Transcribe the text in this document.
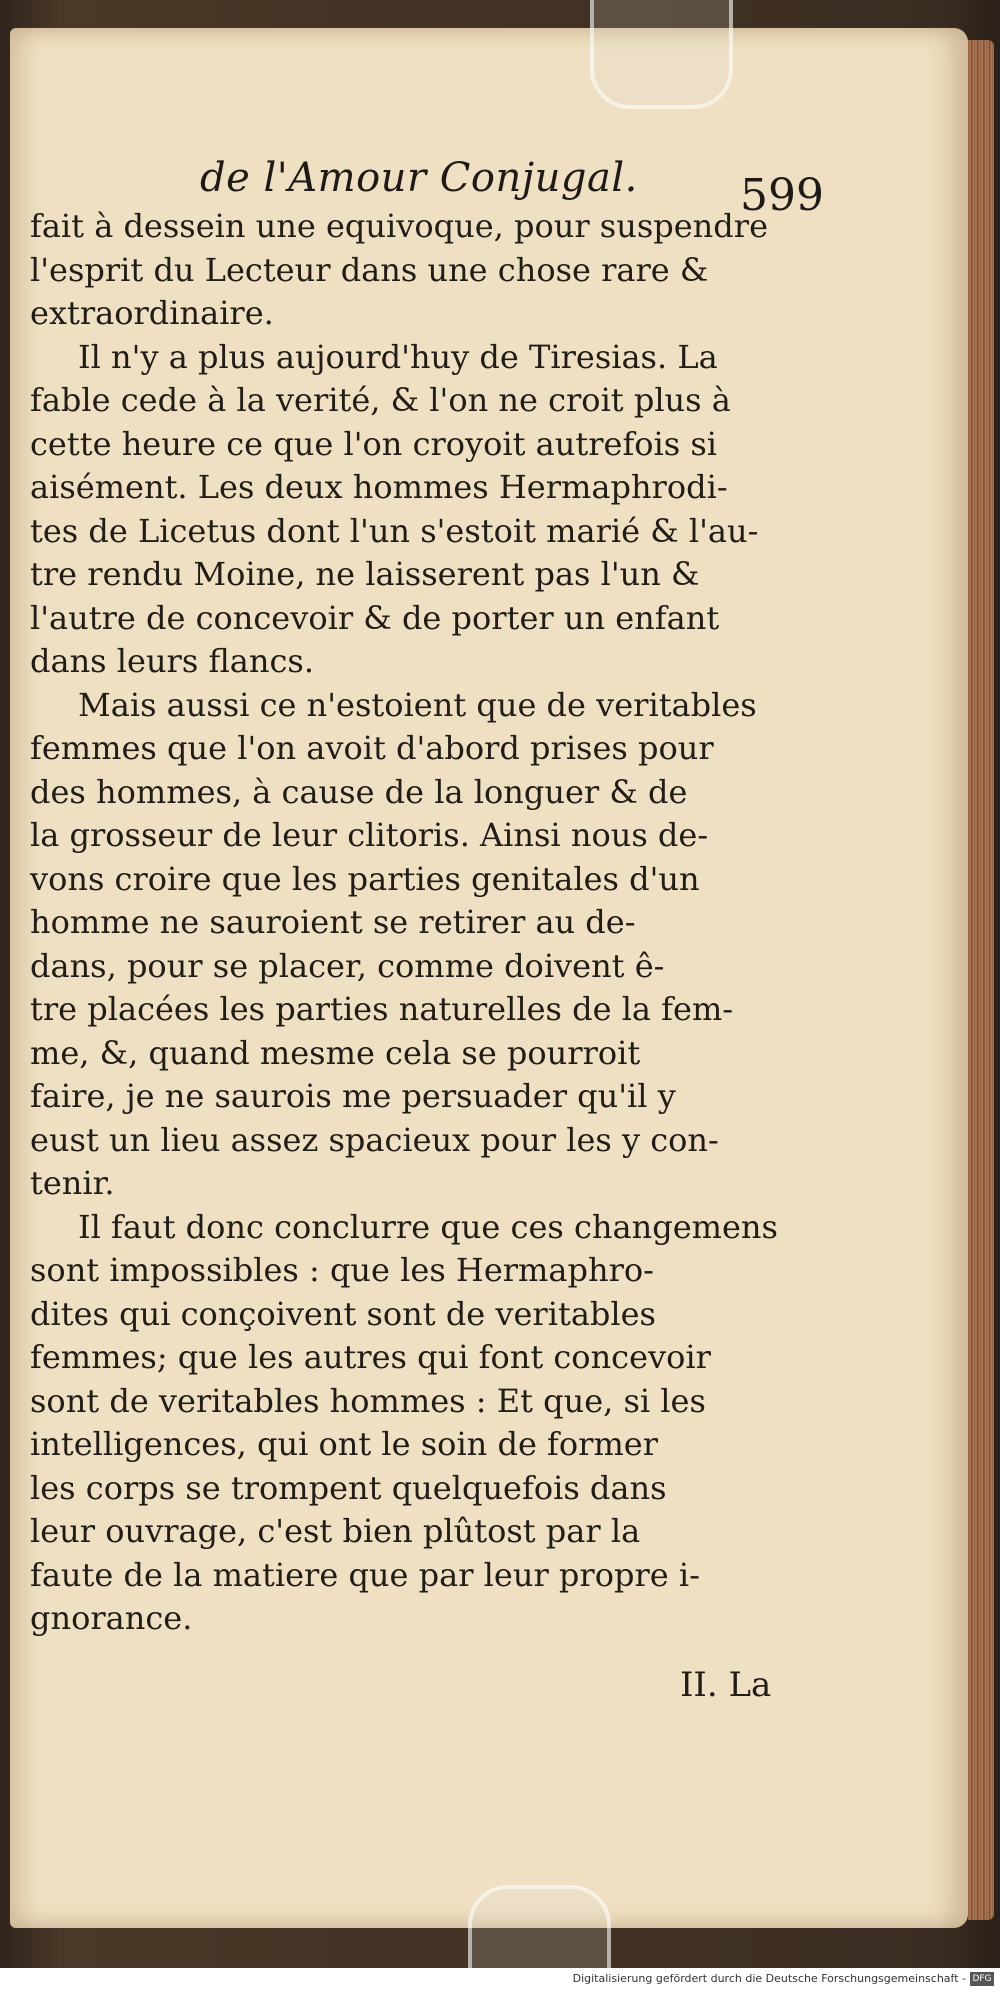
de l'Amour Conjugal. 599
fait à dessein une equivoque, pour suspendre
l'esprit du Lecteur dans une chose rare &
extraordinaire.
Il n'y a plus aujourd'huy de Tiresias. La
fable cede à la verité, & l'on ne croit plus à
cette heure ce que l'on croyoit autrefois si
aisément. Les deux hommes Hermaphrodi-
tes de Licetus dont l'un s'estoit marié & l'au-
tre rendu Moine, ne laisserent pas l'un &
l'autre de concevoir & de porter un enfant
dans leurs flancs.
Mais aussi ce n'estoient que de veritables
femmes que l'on avoit d'abord prises pour
des hommes, à cause de la longuer & de
la grosseur de leur clitoris. Ainsi nous de-
vons croire que les parties genitales d'un
homme ne sauroient se retirer au de-
dans, pour se placer, comme doivent ê-
tre placées les parties naturelles de la fem-
me, &, quand mesme cela se pourroit
faire, je ne saurois me persuader qu'il y
eust un lieu assez spacieux pour les y con-
tenir.
Il faut donc conclurre que ces changemens
sont impossibles : que les Hermaphro-
dites qui conçoivent sont de veritables
femmes; que les autres qui font concevoir
sont de veritables hommes : Et que, si les
intelligences, qui ont le soin de former
les corps se trompent quelquefois dans
leur ouvrage, c'est bien plûtost par la
faute de la matiere que par leur propre i-
gnorance.
II. La
Digitalisierung gefördert durch die Deutsche Forschungsgemeinschaft - DFG
